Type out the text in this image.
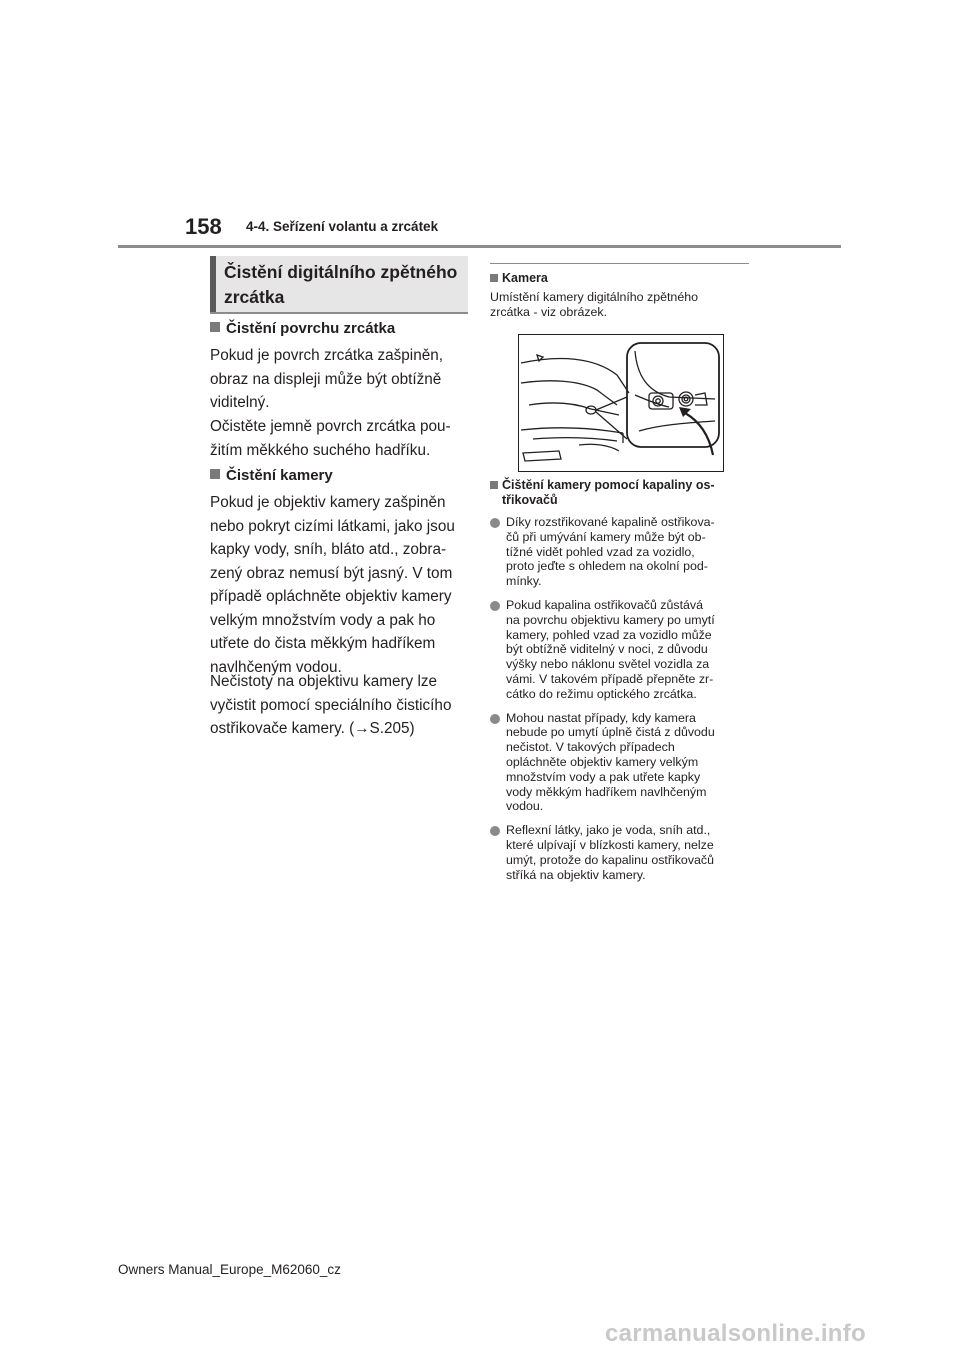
158 4-4. Seřízení volantu a zrcátek
Čistění digitálního zpětného
zrcátka
Čistění povrchu zrcátka
Pokud je povrch zrcátka zašpiněn,
obraz na displeji může být obtížně
viditelný.
Očistěte jemně povrch zrcátka pou-
žitím měkkého suchého hadříku.
Čistění kamery
Pokud je objektiv kamery zašpiněn
nebo pokryt cizími látkami, jako jsou
kapky vody, sníh, bláto atd., zobra-
zený obraz nemusí být jasný. V tom
případě opláchněte objektiv kamery
velkým množstvím vody a pak ho
utřete do čista měkkým hadříkem
navlhčeným vodou.
Nečistoty na objektivu kamery lze
vyčistit pomocí speciálního čisticího
ostřikovače kamery. (→S.205)
Kamera
Umístění kamery digitálního zpětného
zrcátka - viz obrázek.
Čištění kamery pomocí kapaliny os-
třikovačů
Díky rozstřikované kapalině ostřikova-
čů při umývání kamery může být ob-
tížné vidět pohled vzad za vozidlo,
proto jeďte s ohledem na okolní pod-
mínky.
Pokud kapalina ostřikovačů zůstává
na povrchu objektivu kamery po umytí
kamery, pohled vzad za vozidlo může
být obtížně viditelný v noci, z důvodu
výšky nebo náklonu světel vozidla za
vámi. V takovém případě přepněte zr-
cátko do režimu optického zrcátka.
Mohou nastat případy, kdy kamera
nebude po umytí úplně čistá z důvodu
nečistot. V takových případech
opláchněte objektiv kamery velkým
množstvím vody a pak utřete kapky
vody měkkým hadříkem navlhčeným
vodou.
Reflexní látky, jako je voda, sníh atd.,
které ulpívají v blízkosti kamery, nelze
umýt, protože do kapalinu ostřikovačů
stříká na objektiv kamery.
Owners Manual_Europe_M62060_cz
carmanualsonline.info
